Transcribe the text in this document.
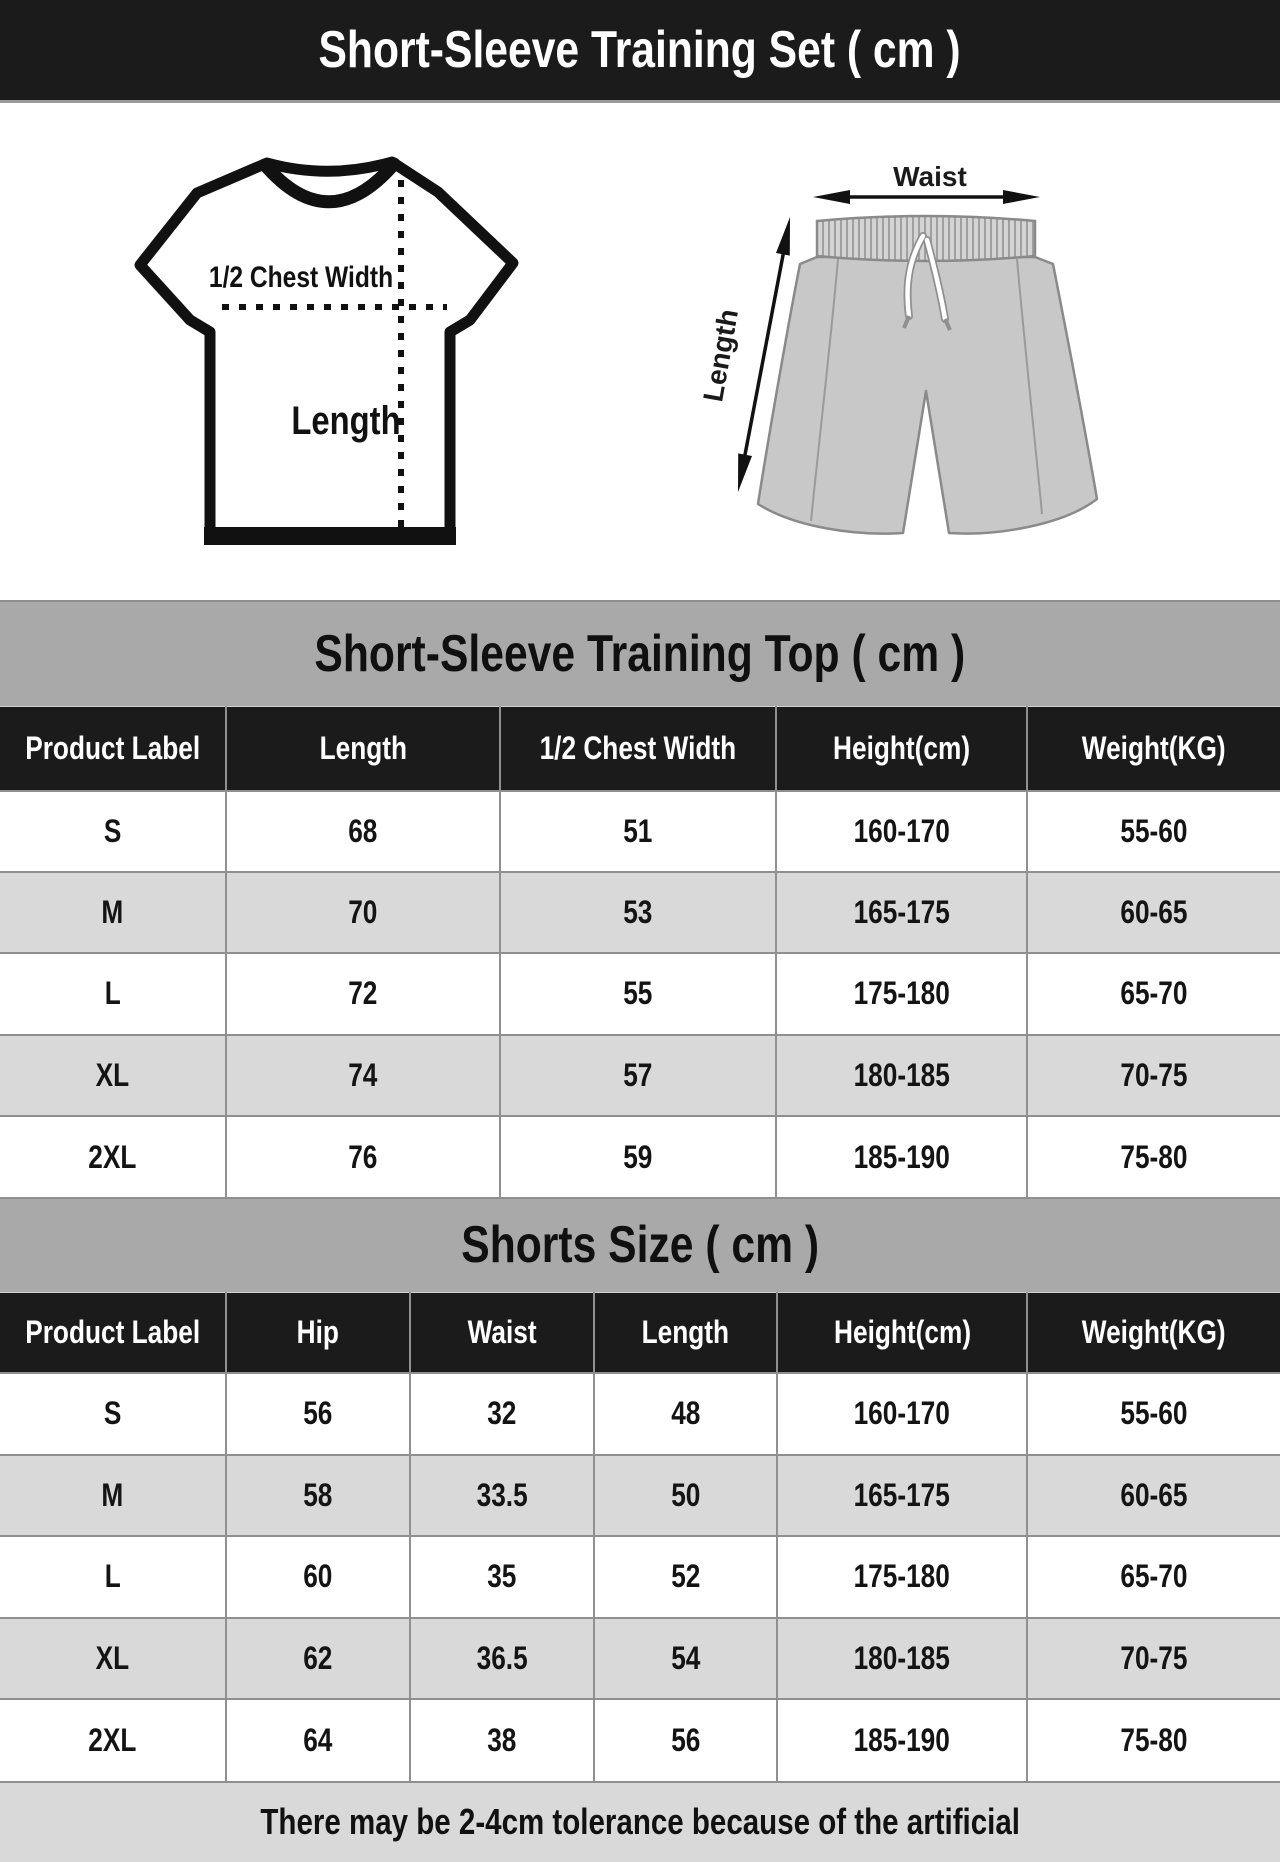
Short-Sleeve Training Set ( cm )
1/2 Chest Width
Length
Waist
Length
Short-Sleeve Training Top ( cm )
Product Label	Length	1/2 Chest Width	Height(cm)	Weight(KG)
S	68	51	160-170	55-60
M	70	53	165-175	60-65
L	72	55	175-180	65-70
XL	74	57	180-185	70-75
2XL	76	59	185-190	75-80
Shorts Size ( cm )
Product Label	Hip	Waist	Length	Height(cm)	Weight(KG)
S	56	32	48	160-170	55-60
M	58	33.5	50	165-175	60-65
L	60	35	52	175-180	65-70
XL	62	36.5	54	180-185	70-75
2XL	64	38	56	185-190	75-80
There may be 2-4cm tolerance because of the artificial
